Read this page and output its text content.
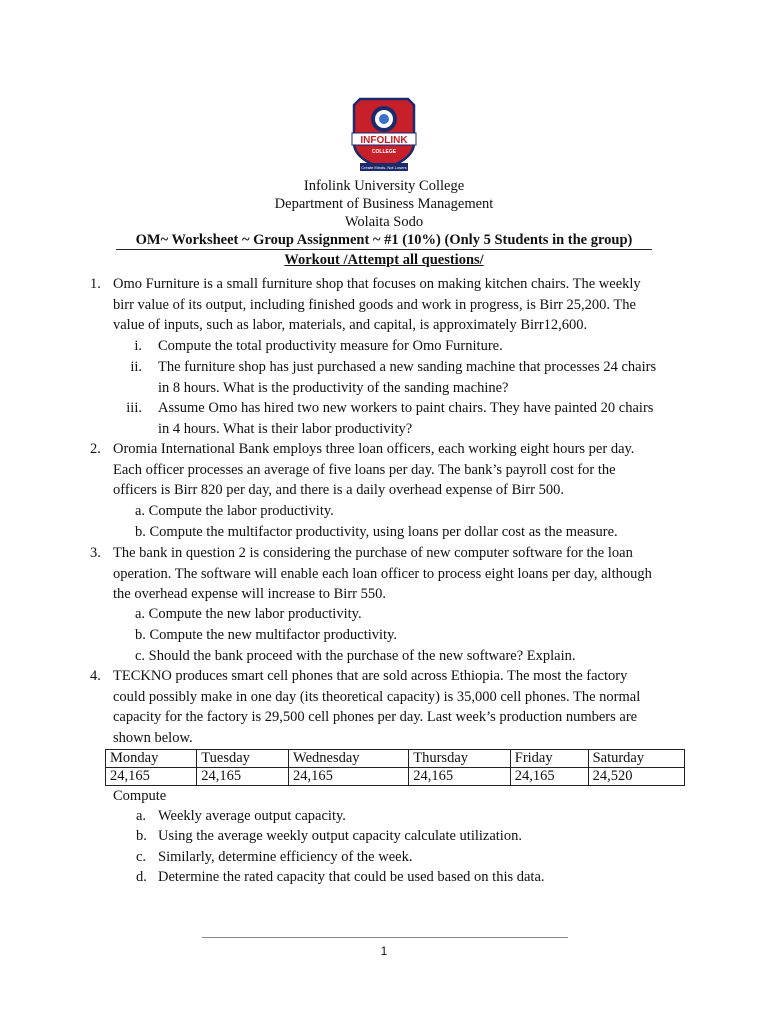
INFOLINK
COLLEGE
Create Minds, Not Losers
Infolink University College
Department of Business Management
Wolaita Sodo
OM~ Worksheet ~ Group Assignment ~ #1 (10%) (Only 5 Students in the group)
Workout /Attempt all questions/
1. Omo Furniture is a small furniture shop that focuses on making kitchen chairs. The weekly
birr value of its output, including finished goods and work in progress, is Birr 25,200. The
value of inputs, such as labor, materials, and capital, is approximately Birr12,600.
i. Compute the total productivity measure for Omo Furniture.
ii. The furniture shop has just purchased a new sanding machine that processes 24 chairs
in 8 hours. What is the productivity of the sanding machine?
iii. Assume Omo has hired two new workers to paint chairs. They have painted 20 chairs
in 4 hours. What is their labor productivity?
2. Oromia International Bank employs three loan officers, each working eight hours per day.
Each officer processes an average of five loans per day. The bank’s payroll cost for the
officers is Birr 820 per day, and there is a daily overhead expense of Birr 500.
a. Compute the labor productivity.
b. Compute the multifactor productivity, using loans per dollar cost as the measure.
3. The bank in question 2 is considering the purchase of new computer software for the loan
operation. The software will enable each loan officer to process eight loans per day, although
the overhead expense will increase to Birr 550.
a. Compute the new labor productivity.
b. Compute the new multifactor productivity.
c. Should the bank proceed with the purchase of the new software? Explain.
4. TECKNO produces smart cell phones that are sold across Ethiopia. The most the factory
could possibly make in one day (its theoretical capacity) is 35,000 cell phones. The normal
capacity for the factory is 29,500 cell phones per day. Last week’s production numbers are
shown below.
Monday	Tuesday	Wednesday	Thursday	Friday	Saturday
24,165	24,165	24,165	24,165	24,165	24,520
Compute
a. Weekly average output capacity.
b. Using the average weekly output capacity calculate utilization.
c. Similarly, determine efficiency of the week.
d. Determine the rated capacity that could be used based on this data.
1
